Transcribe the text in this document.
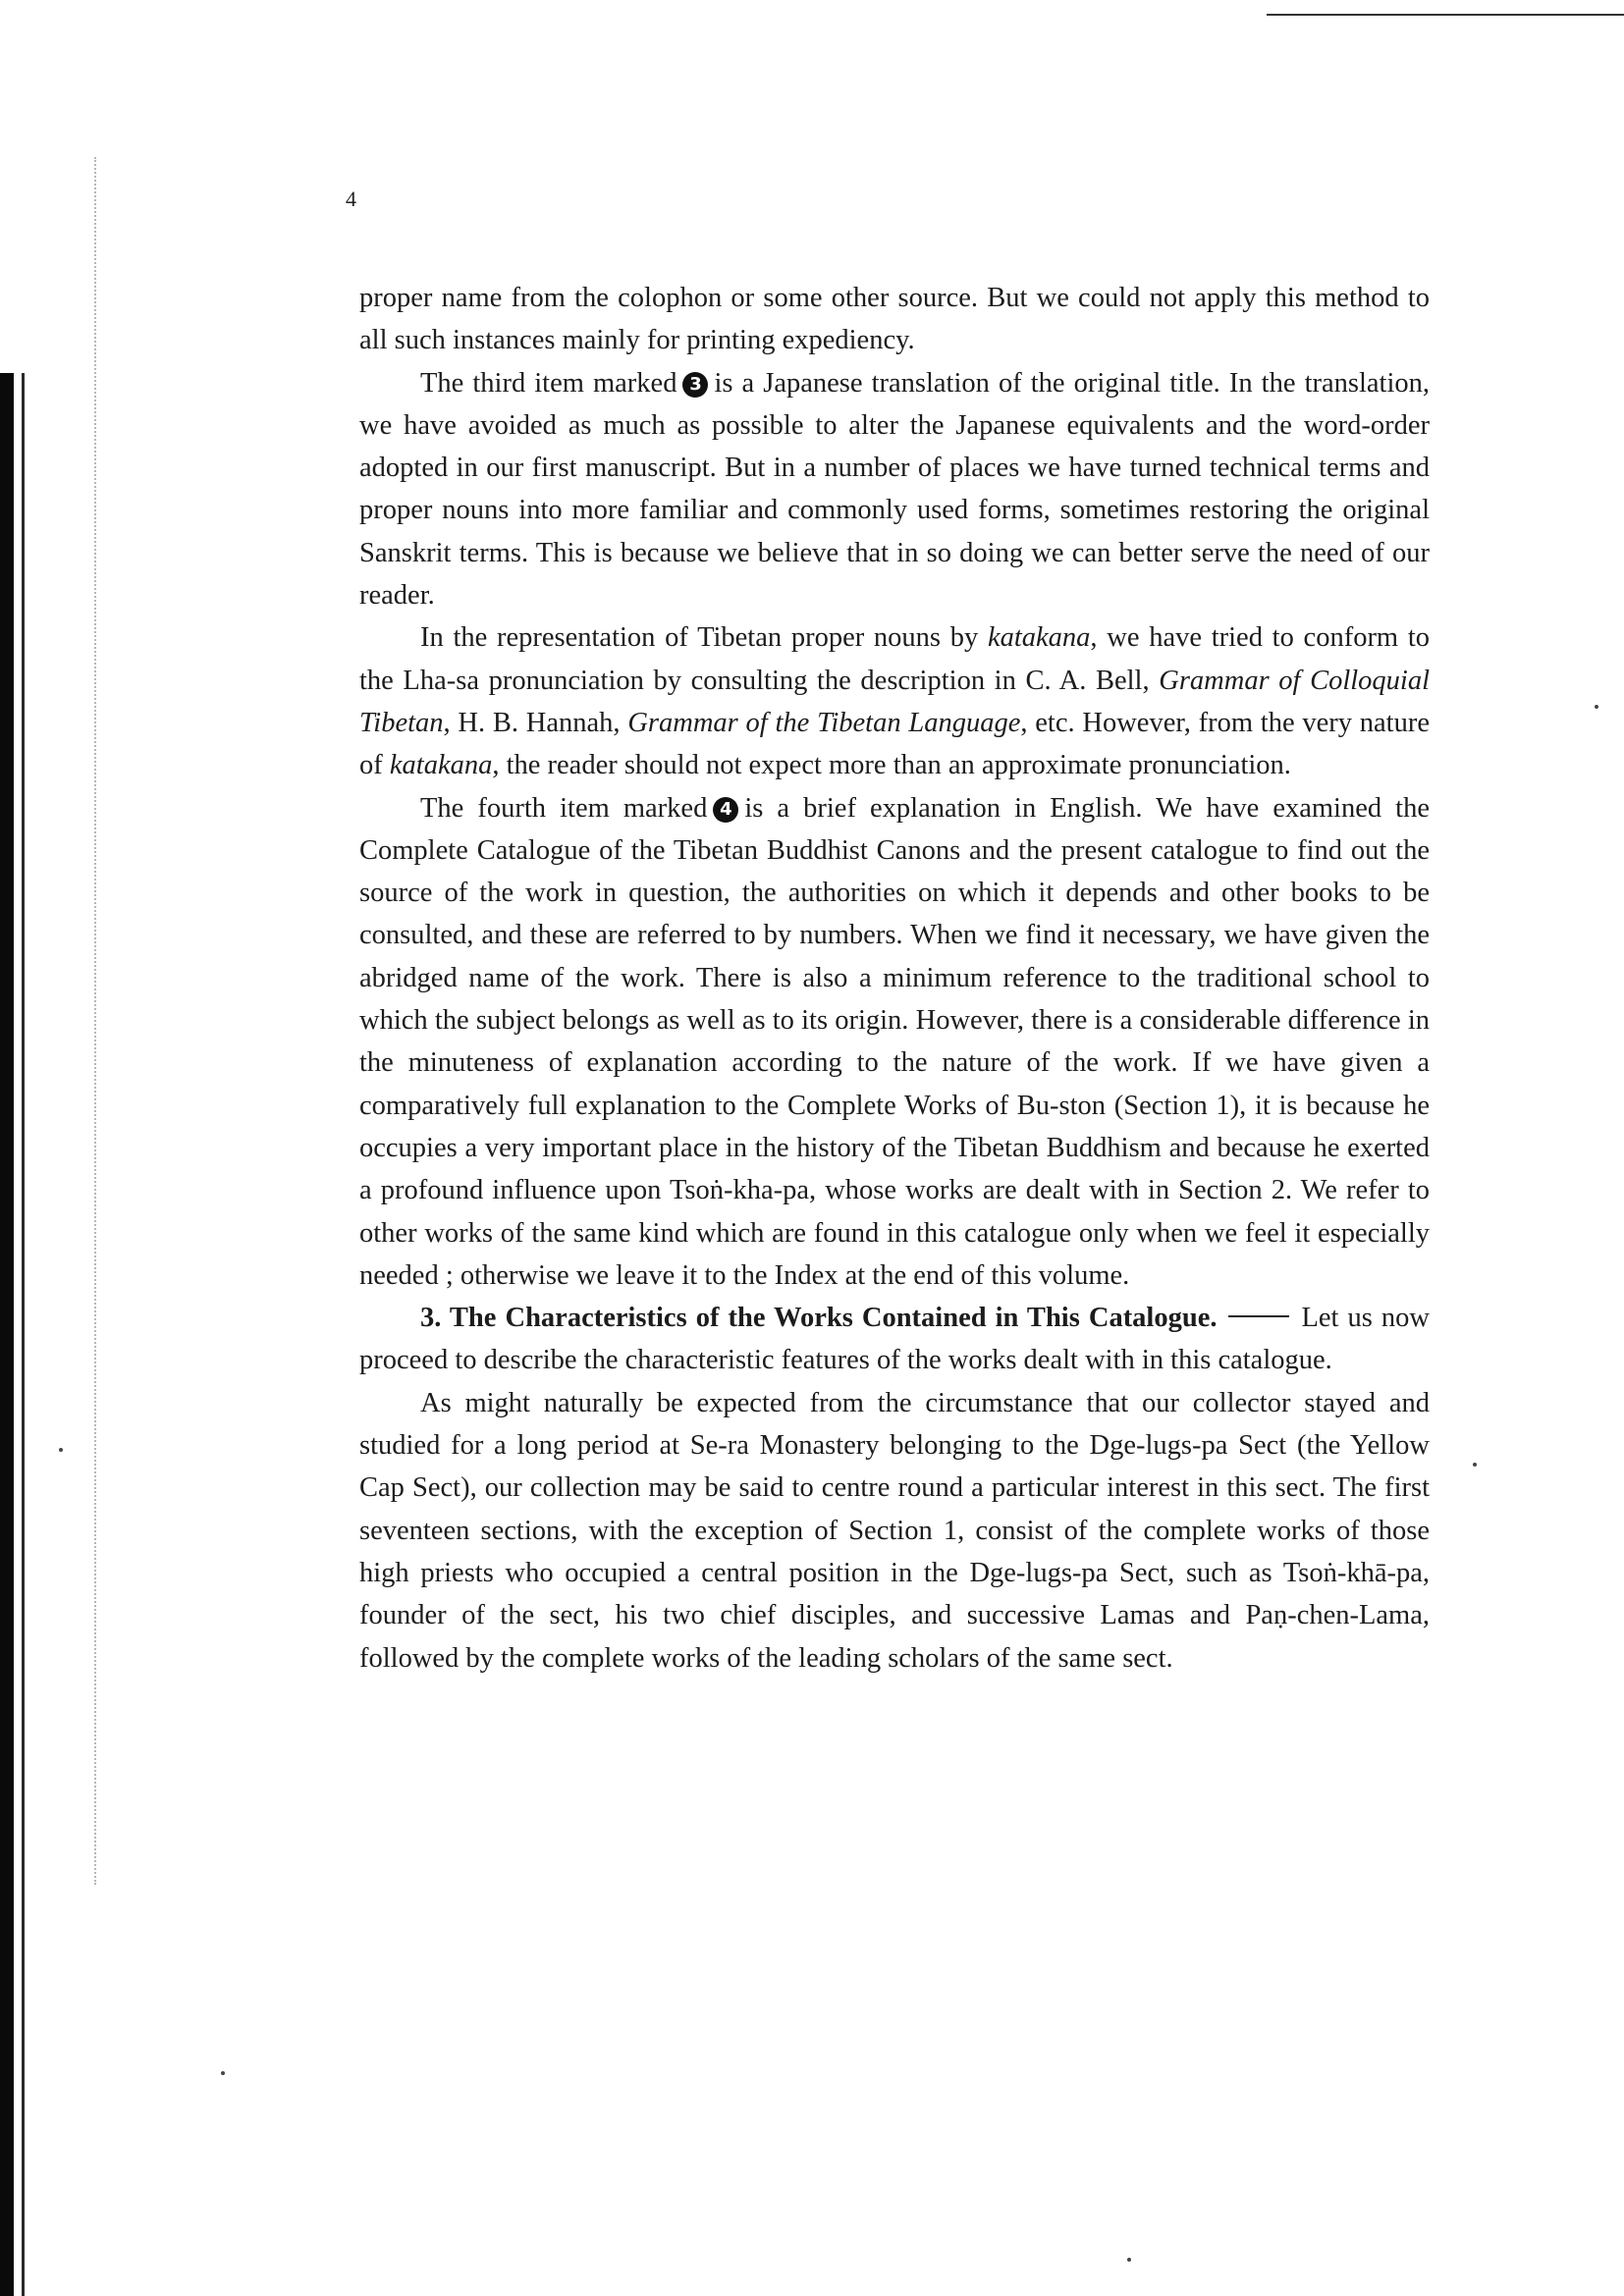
4

proper name from the colophon or some other source. But we could not apply this method to all such instances mainly for printing expediency.

The third item marked 3 is a Japanese translation of the original title. In the translation, we have avoided as much as possible to alter the Japanese equivalents and the word-order adopted in our first manuscript. But in a number of places we have turned technical terms and proper nouns into more familiar and commonly used forms, sometimes restoring the original Sanskrit terms. This is because we believe that in so doing we can better serve the need of our reader.

In the representation of Tibetan proper nouns by katakana, we have tried to conform to the Lha-sa pronunciation by consulting the description in C. A. Bell, Grammar of Colloquial Tibetan, H. B. Hannah, Grammar of the Tibetan Language, etc. However, from the very nature of katakana, the reader should not expect more than an approximate pronunciation.

The fourth item marked 4 is a brief explanation in English. We have examined the Complete Catalogue of the Tibetan Buddhist Canons and the present catalogue to find out the source of the work in question, the authorities on which it depends and other books to be consulted, and these are referred to by numbers. When we find it necessary, we have given the abridged name of the work. There is also a minimum reference to the traditional school to which the subject belongs as well as to its origin. However, there is a considerable difference in the minuteness of explanation according to the nature of the work. If we have given a comparatively full explanation to the Complete Works of Bu-ston (Section 1), it is because he occupies a very important place in the history of the Tibetan Buddhism and because he exerted a profound influence upon Tsoṅ-kha-pa, whose works are dealt with in Section 2. We refer to other works of the same kind which are found in this catalogue only when we feel it especially needed ; otherwise we leave it to the Index at the end of this volume.

3. The Characteristics of the Works Contained in This Catalogue.	Let us now proceed to describe the characteristic features of the works dealt with in this catalogue.

As might naturally be expected from the circumstance that our collector stayed and studied for a long period at Se-ra Monastery belonging to the Dge-lugs-pa Sect (the Yellow Cap Sect), our collection may be said to centre round a particular interest in this sect. The first seventeen sections, with the exception of Section 1, consist of the complete works of those high priests who occupied a central position in the Dge-lugs-pa Sect, such as Tsoṅ-khā-pa, founder of the sect, his two chief disciples, and successive Lamas and Paṇ-chen-Lama, followed by the complete works of the leading scholars of the same sect.
